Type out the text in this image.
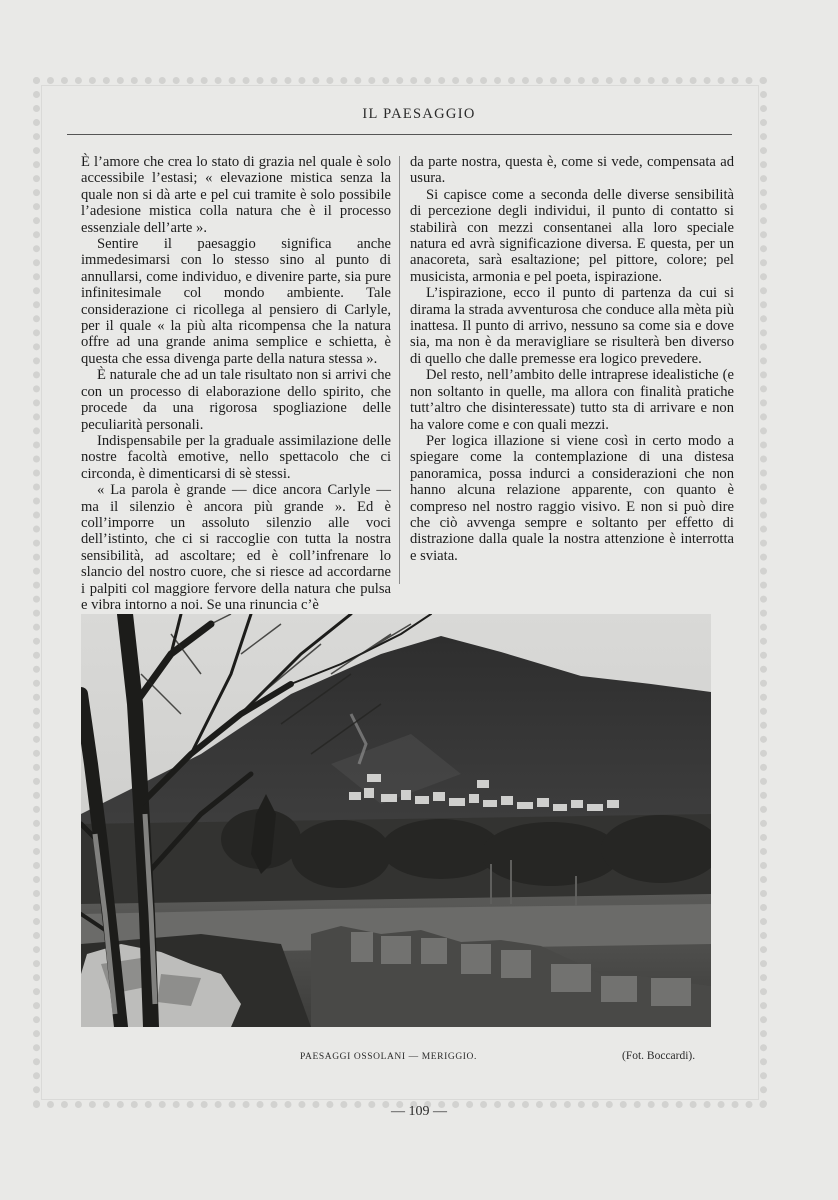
IL PAESAGGIO

È l’amore che crea lo stato di grazia nel quale è solo accessibile l’estasi; « elevazione mistica senza la quale non si dà arte e pel cui tramite è solo possibile l’adesione mistica colla natura che è il processo essenziale dell’arte ».

Sentire il paesaggio significa anche immedesimarsi con lo stesso sino al punto di annullarsi, come individuo, e divenire parte, sia pure infinitesimale col mondo ambiente. Tale considerazione ci ricollega al pensiero di Carlyle, per il quale « la più alta ricompensa che la natura offre ad una grande anima semplice e schietta, è questa che essa divenga parte della natura stessa ».

È naturale che ad un tale risultato non si arrivi che con un processo di elaborazione dello spirito, che procede da una rigorosa spogliazione delle peculiarità personali.

Indispensabile per la graduale assimilazione delle nostre facoltà emotive, nello spettacolo che ci circonda, è dimenticarsi di sè stessi.

« La parola è grande — dice ancora Carlyle — ma il silenzio è ancora più grande ». Ed è coll’imporre un assoluto silenzio alle voci dell’istinto, che ci si raccoglie con tutta la nostra sensibilità, ad ascoltare; ed è coll’infrenare lo slancio del nostro cuore, che si riesce ad accordarne i palpiti col maggiore fervore della natura che pulsa e vibra intorno a noi. Se una rinuncia c’è

da parte nostra, questa è, come si vede, compensata ad usura.

Si capisce come a seconda delle diverse sensibilità di percezione degli individui, il punto di contatto si stabilirà con mezzi consentanei alla loro speciale natura ed avrà significazione diversa. E questa, per un anacoreta, sarà esaltazione; pel pittore, colore; pel musicista, armonia e pel poeta, ispirazione.

L’ispirazione, ecco il punto di partenza da cui si dirama la strada avventurosa che conduce alla mèta più inattesa. Il punto di arrivo, nessuno sa come sia e dove sia, ma non è da meravigliare se risulterà ben diverso di quello che dalle premesse era logico prevedere.

Del resto, nell’ambito delle intraprese idealistiche (e non soltanto in quelle, ma allora con finalità pratiche tutt’altro che disinteressate) tutto sta di arrivare e non ha valore come e con quali mezzi.

Per logica illazione si viene così in certo modo a spiegare come la contemplazione di una distesa panoramica, possa indurci a considerazioni che non hanno alcuna relazione apparente, con quanto è compreso nel nostro raggio visivo. E non si può dire che ciò avvenga sempre e soltanto per effetto di distrazione dalla quale la nostra attenzione è interrotta e sviata.

PAESAGGI OSSOLANI — MERIGGIO.	(Fot. Boccardi).
— 109 —
